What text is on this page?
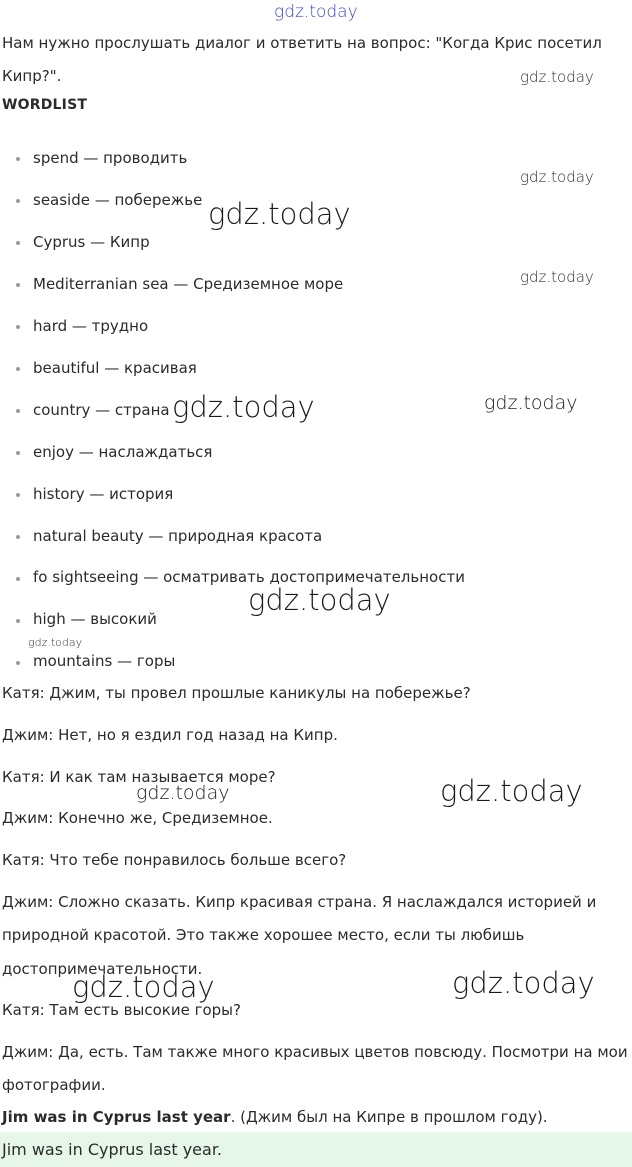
gdz.today
Нам нужно прослушать диалог и ответить на вопрос: "Когда Крис посетил
Кипр?".
WORDLIST
spend — проводить
seaside — побережье
Cyprus — Кипр
Mediterranian sea — Средиземное море
hard — трудно
beautiful — красивая
country — страна
enjoy — наслаждаться
history — история
natural beauty — природная красота
fo sightseeing — осматривать достопримечательности
high — высокий
mountains — горы
Катя: Джим, ты провел прошлые каникулы на побережье?
Джим: Нет, но я ездил год назад на Кипр.
Катя: И как там называется море?
Джим: Конечно же, Средиземное.
Катя: Что тебе понравилось больше всего?
Джим: Сложно сказать. Кипр красивая страна. Я наслаждался историей и
природной красотой. Это также хорошее место, если ты любишь
достопримечательности.
Катя: Там есть высокие горы?
Джим: Да, есть. Там также много красивых цветов повсюду. Посмотри на мои
фотографии.
Jim was in Cyprus last year. (Джим был на Кипре в прошлом году).
Jim was in Cyprus last year.
gdz.today
gdz.today
gdz.today
gdz.today
gdz.today	gdz.today
gdz.today
gdz.today
gdz.today	gdz.today
gdz.today	gdz.today
